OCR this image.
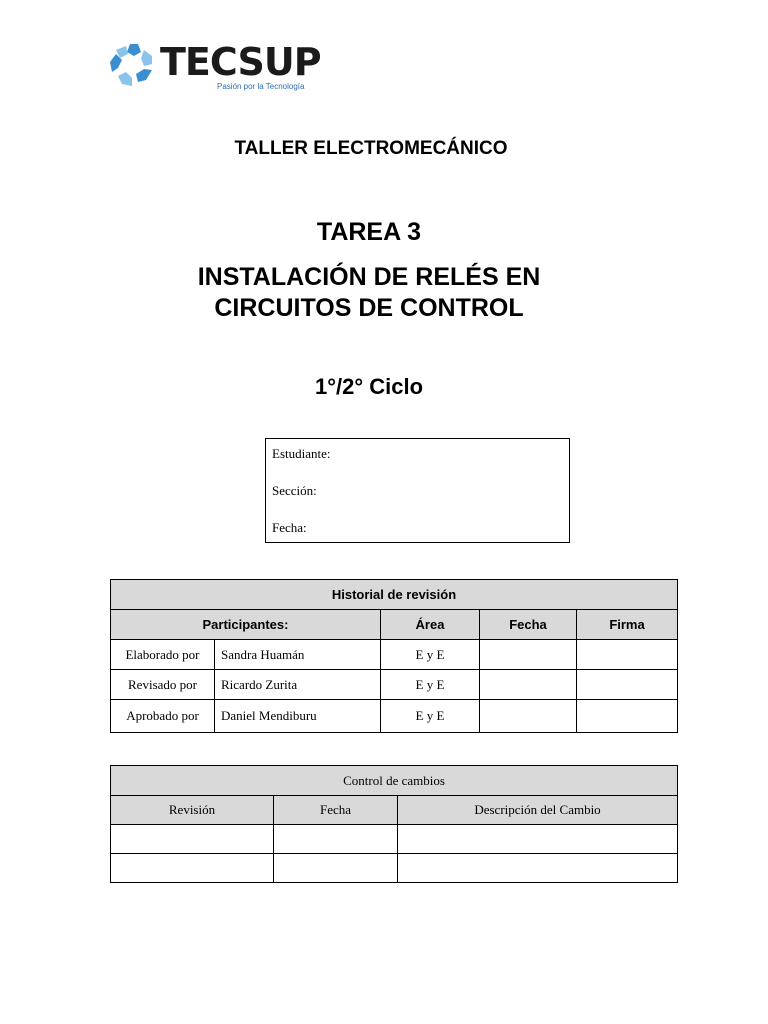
TECSUP
Pasión por la Tecnología
TALLER ELECTROMECÁNICO
TAREA 3
INSTALACIÓN DE RELÉS EN
CIRCUITOS DE CONTROL
1°/2° Ciclo
Estudiante:
Sección:
Fecha:
Historial de revisión				
Participantes:		Área	Fecha	Firma
Elaborado por	Sandra Huamán	E y E		
Revisado por	Ricardo Zurita	E y E		
Aprobado por	Daniel Mendiburu	E y E		
Control de cambios		
Revisión	Fecha	Descripción del Cambio
